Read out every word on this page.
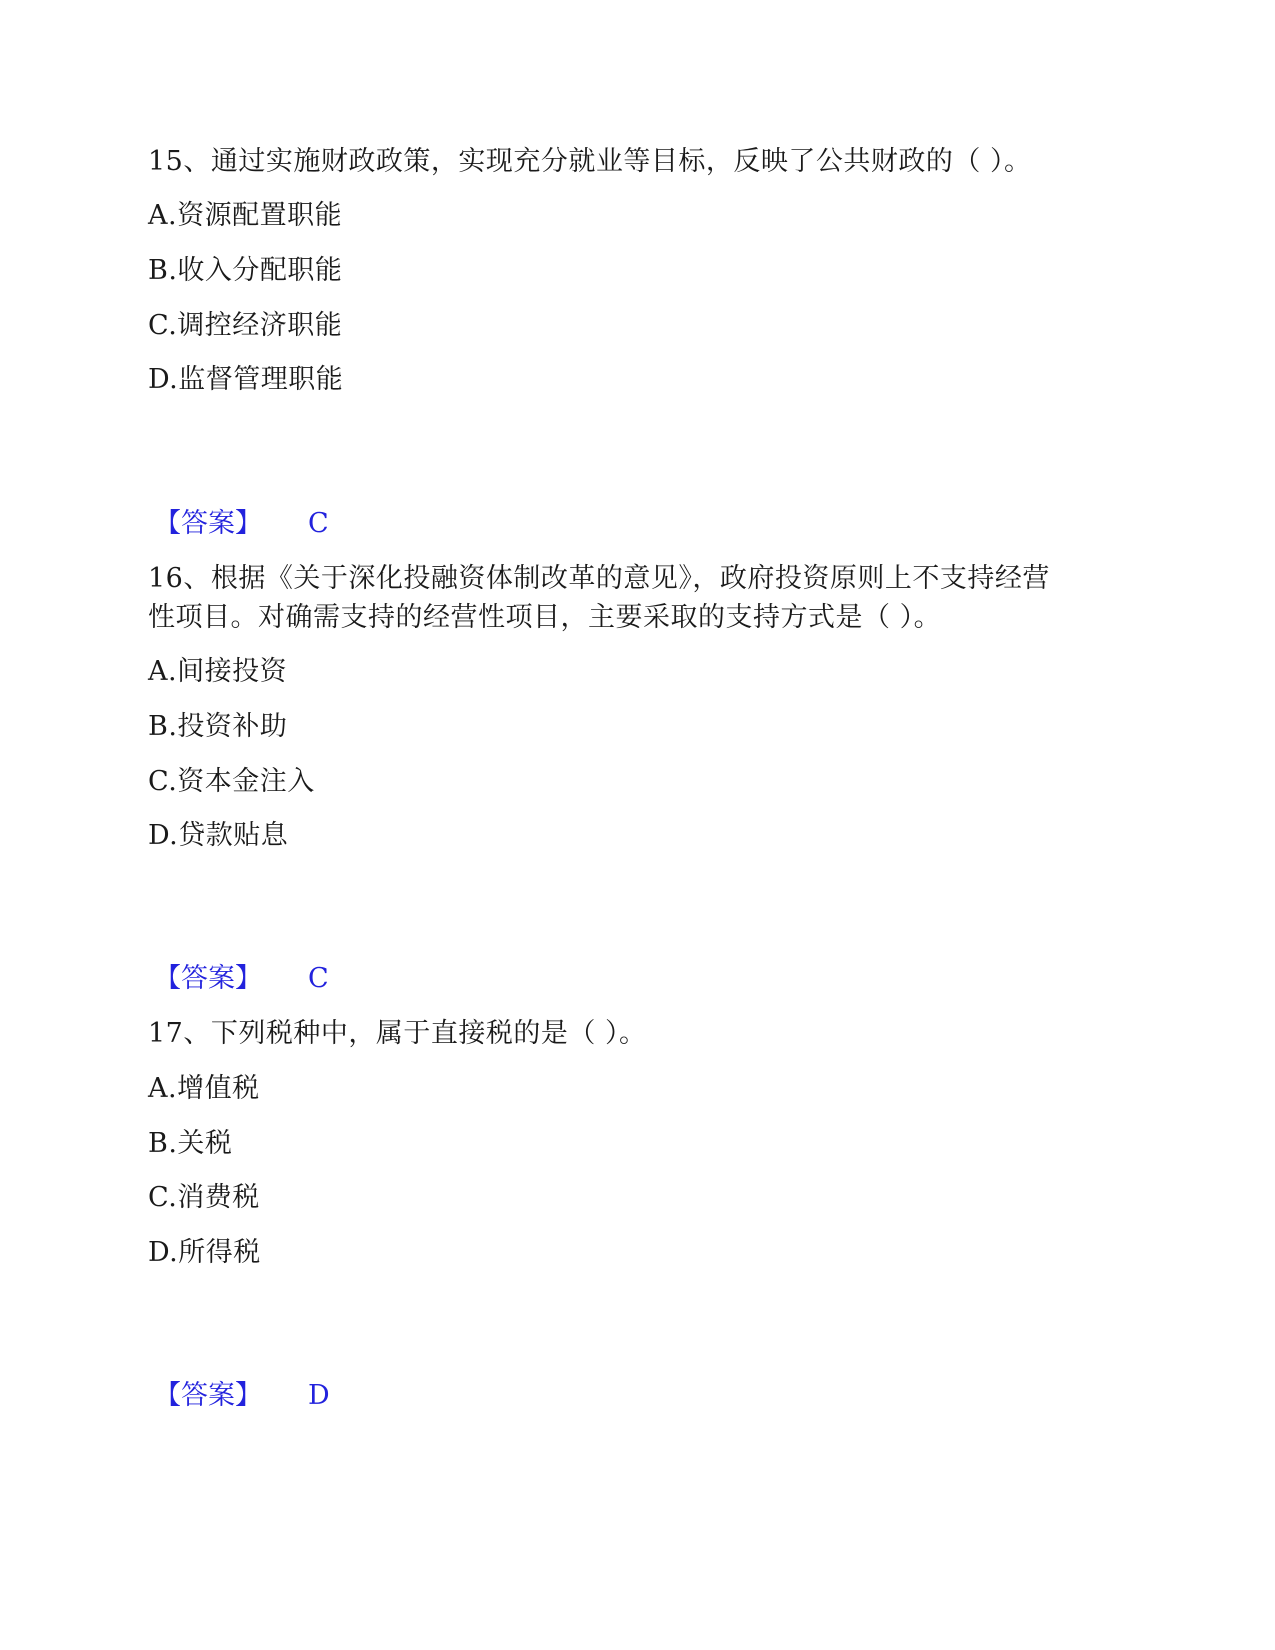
15、通过实施财政政策，实现充分就业等目标，反映了公共财政的（ ）。
A.资源配置职能
B.收入分配职能
C.调控经济职能
D.监督管理职能
【答案】 C
16、根据《关于深化投融资体制改革的意见》，政府投资原则上不支持经营
性项目。对确需支持的经营性项目，主要采取的支持方式是（ ）。
A.间接投资
B.投资补助
C.资本金注入
D.贷款贴息
【答案】 C
17、下列税种中，属于直接税的是（ ）。
A.增值税
B.关税
C.消费税
D.所得税
【答案】 D
